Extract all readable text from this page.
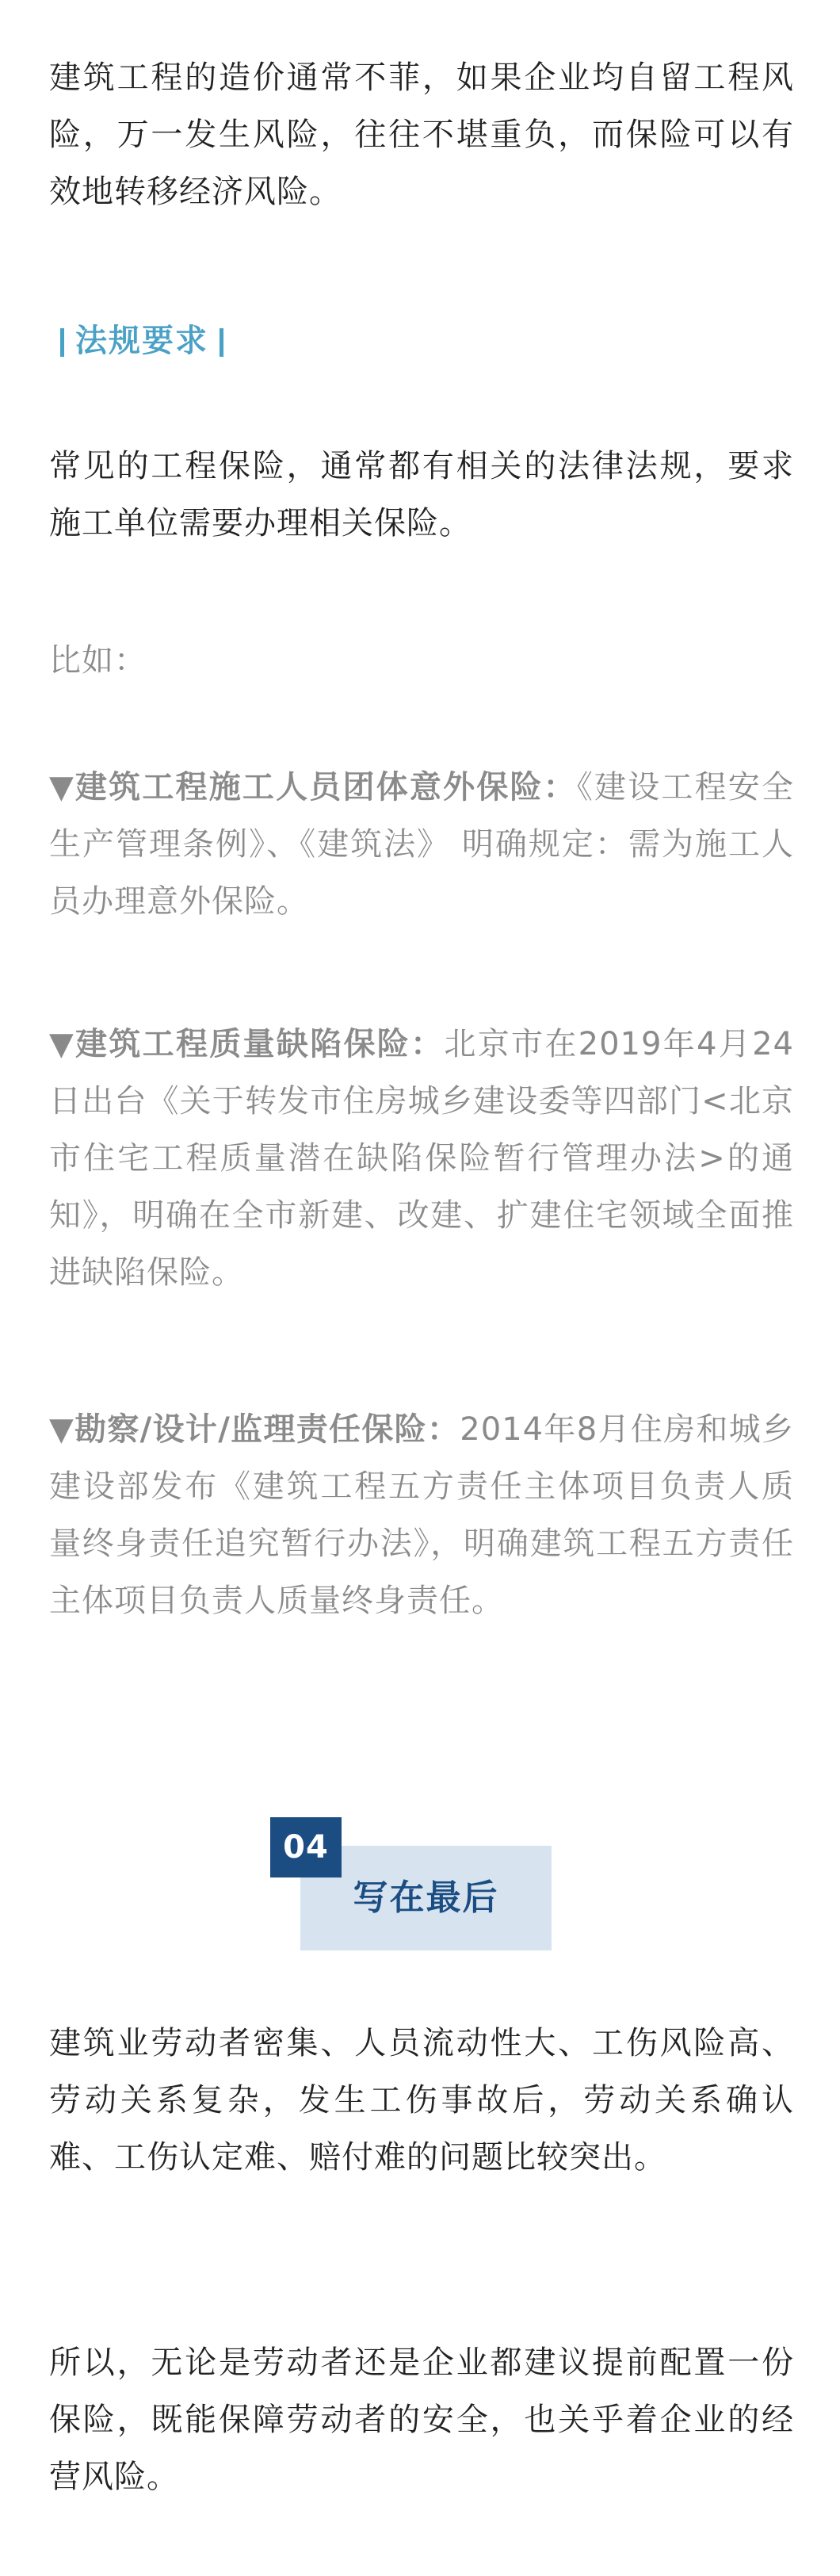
建筑工程的造价通常不菲，如果企业均自留工程风险，万一发生风险，往往不堪重负，而保险可以有效地转移经济风险。

法规要求

常见的工程保险，通常都有相关的法律法规，要求施工单位需要办理相关保险。

比如：

▼建筑工程施工人员团体意外保险：《建设工程安全生产管理条例》、《建筑法》 明确规定：需为施工人员办理意外保险。

▼建筑工程质量缺陷保险：北京市在2019年4月24日出台《关于转发市住房城乡建设委等四部门<北京市住宅工程质量潜在缺陷保险暂行管理办法>的通知》，明确在全市新建、改建、扩建住宅领域全面推进缺陷保险。

▼勘察/设计/监理责任保险：2014年8月住房和城乡建设部发布《建筑工程五方责任主体项目负责人质量终身责任追究暂行办法》，明确建筑工程五方责任主体项目负责人质量终身责任。

写在最后
04

建筑业劳动者密集、人员流动性大、工伤风险高、劳动关系复杂，发生工伤事故后，劳动关系确认难、工伤认定难、赔付难的问题比较突出。

所以，无论是劳动者还是企业都建议提前配置一份保险，既能保障劳动者的安全，也关乎着企业的经营风险。
